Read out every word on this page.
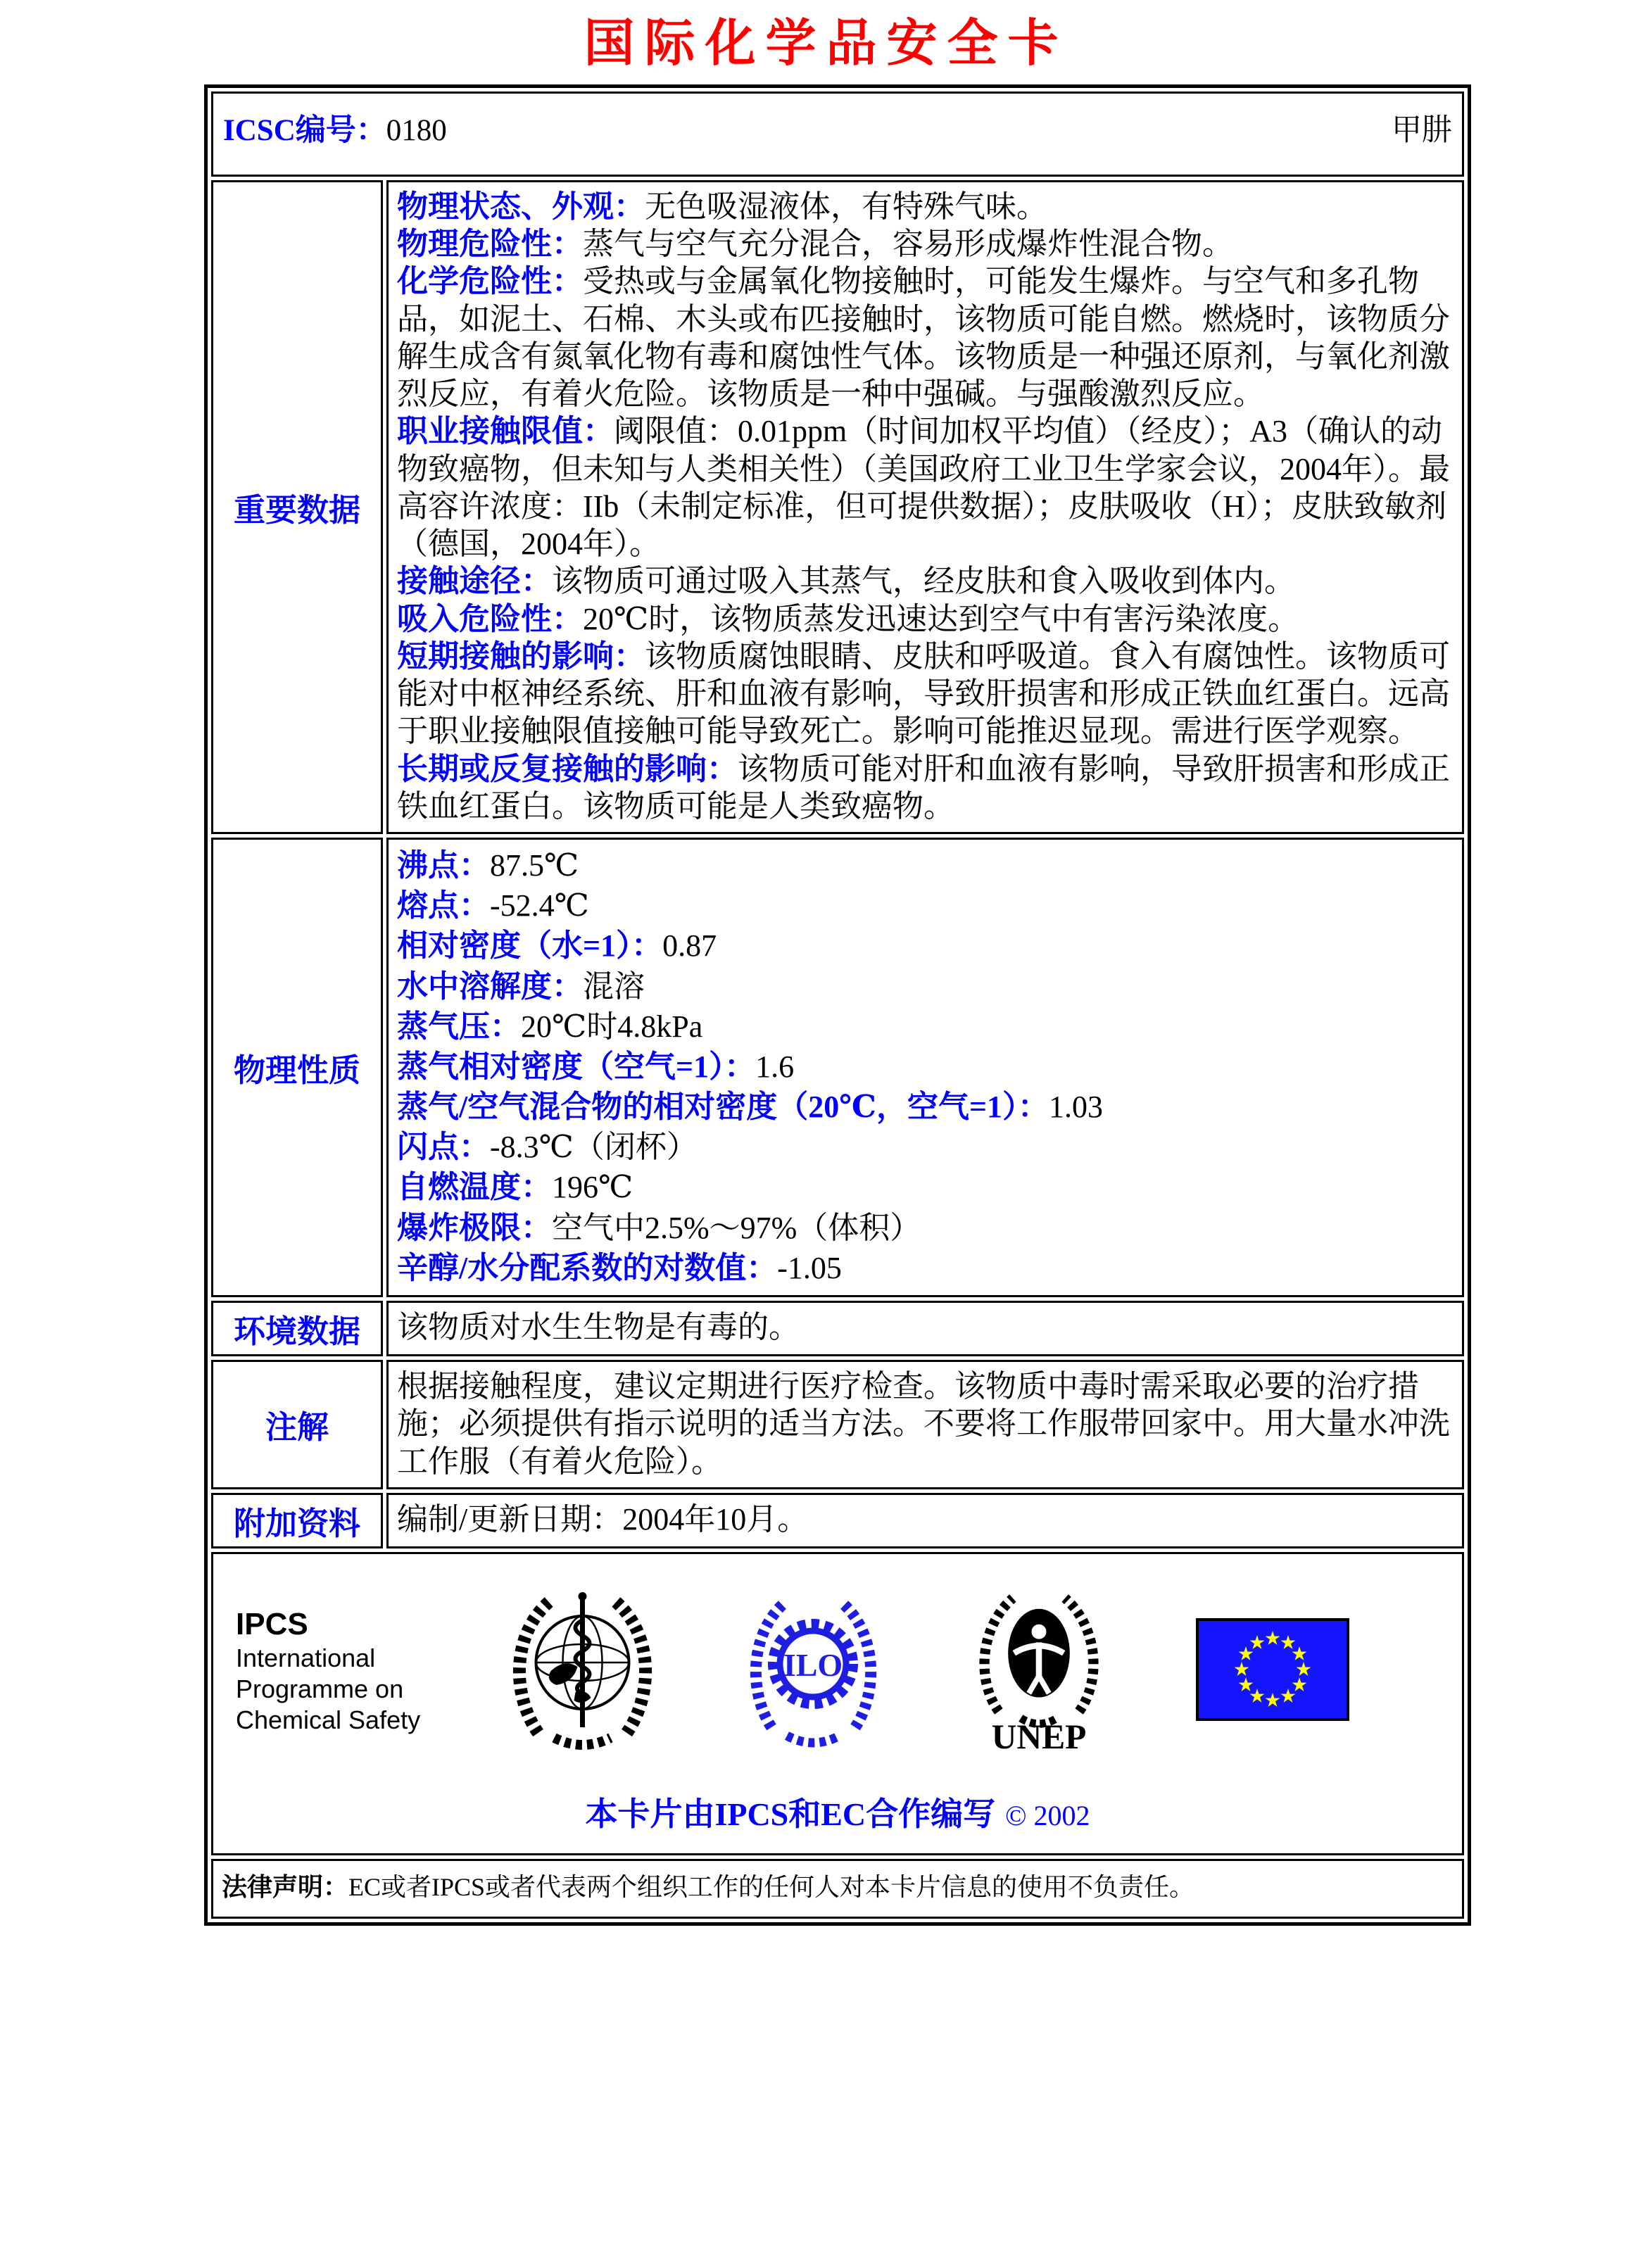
国际化学品安全卡
ICSC编号：0180 甲肼	

重要数据	
物理状态、外观：无色吸湿液体，有特殊气味。
物理危险性：蒸气与空气充分混合，容易形成爆炸性混合物。
化学危险性：受热或与金属氧化物接触时，可能发生爆炸。与空气和多孔物品，如泥土、石棉、木头或布匹接触时，该物质可能自燃。燃烧时，该物质分解生成含有氮氧化物有毒和腐蚀性气体。该物质是一种强还原剂，与氧化剂激烈反应，有着火危险。该物质是一种中强碱。与强酸激烈反应。
职业接触限值：阈限值：0.01ppm（时间加权平均值）（经皮）；A3（确认的动物致癌物，但未知与人类相关性）（美国政府工业卫生学家会议，2004年）。最高容许浓度：IIb（未制定标准，但可提供数据）；皮肤吸收（H）；皮肤致敏剂（德国，2004年）。
接触途径：该物质可通过吸入其蒸气，经皮肤和食入吸收到体内。
吸入危险性：20℃时，该物质蒸发迅速达到空气中有害污染浓度。
短期接触的影响：该物质腐蚀眼睛、皮肤和呼吸道。食入有腐蚀性。该物质可能对中枢神经系统、肝和血液有影响，导致肝损害和形成正铁血红蛋白。远高于职业接触限值接触可能导致死亡。影响可能推迟显现。需进行医学观察。
长期或反复接触的影响：该物质可能对肝和血液有影响，导致肝损害和形成正铁血红蛋白。该物质可能是人类致癌物。

物理性质	
沸点：87.5℃
熔点：-52.4℃
相对密度（水=1）：0.87
水中溶解度：混溶
蒸气压：20℃时4.8kPa
蒸气相对密度（空气=1）：1.6
蒸气/空气混合物的相对密度（20℃，空气=1）：1.03
闪点：-8.3℃（闭杯）
自燃温度：196℃
爆炸极限：空气中2.5%～97%（体积）
辛醇/水分配系数的对数值：-1.05

环境数据	该物质对水生生物是有毒的。
注解	根据接触程度，建议定期进行医疗检查。该物质中毒时需采取必要的治疗措施；必须提供有指示说明的适当方法。不要将工作服带回家中。用大量水冲洗工作服（有着火危险）。
附加资料	编制/更新日期：2004年10月。

IPCS
International
Programme on
Chemical Safety
ILO
UNEP
本卡片由IPCS和EC合作编写 © 2002

法律声明：EC或者IPCS或者代表两个组织工作的任何人对本卡片信息的使用不负责任。	
